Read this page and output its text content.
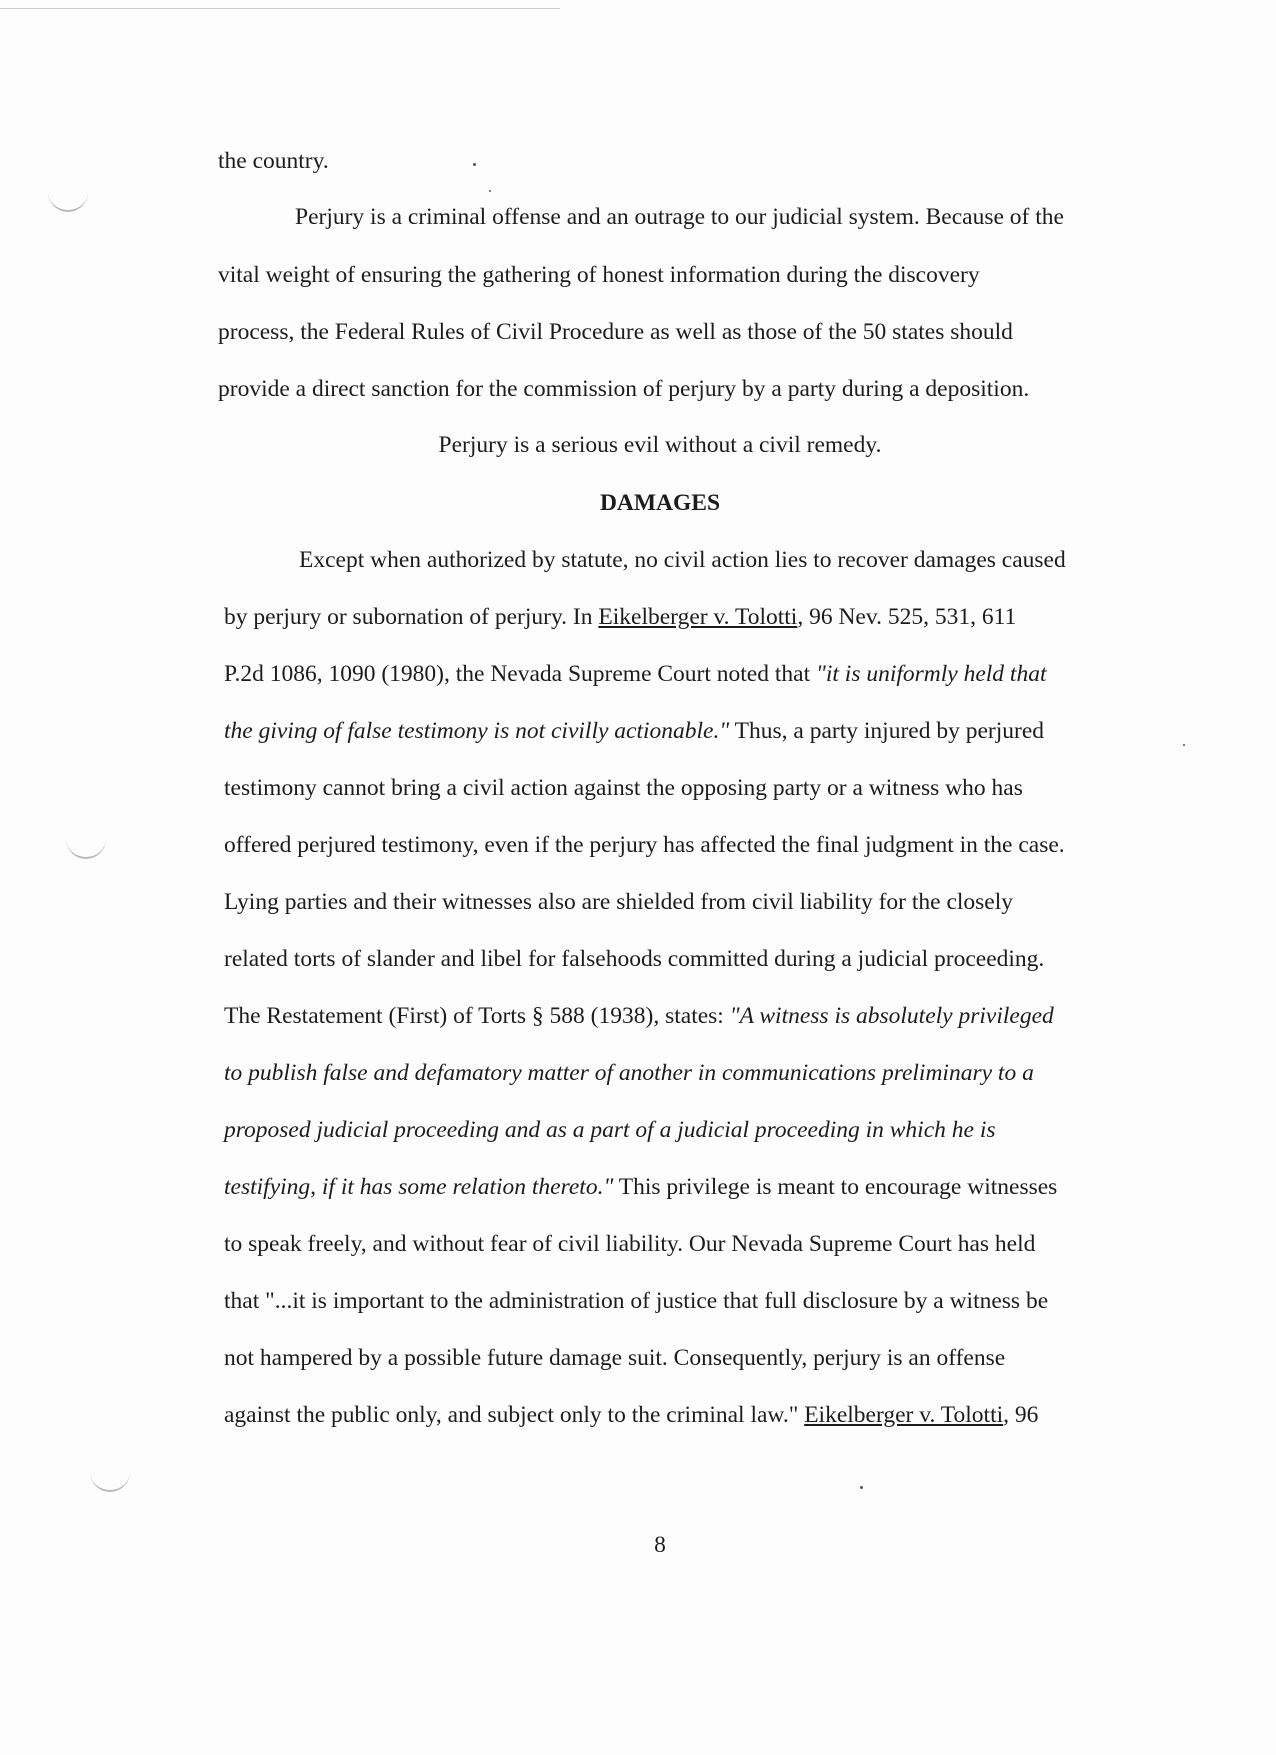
the country.
Perjury is a criminal offense and an outrage to our judicial system. Because of the
vital weight of ensuring the gathering of honest information during the discovery
process, the Federal Rules of Civil Procedure as well as those of the 50 states should
provide a direct sanction for the commission of perjury by a party during a deposition.
Perjury is a serious evil without a civil remedy.
DAMAGES
Except when authorized by statute, no civil action lies to recover damages caused
by perjury or subornation of perjury. In Eikelberger v. Tolotti, 96 Nev. 525, 531, 611
P.2d 1086, 1090 (1980), the Nevada Supreme Court noted that "it is uniformly held that
the giving of false testimony is not civilly actionable." Thus, a party injured by perjured
testimony cannot bring a civil action against the opposing party or a witness who has
offered perjured testimony, even if the perjury has affected the final judgment in the case.
Lying parties and their witnesses also are shielded from civil liability for the closely
related torts of slander and libel for falsehoods committed during a judicial proceeding.
The Restatement (First) of Torts § 588 (1938), states: "A witness is absolutely privileged
to publish false and defamatory matter of another in communications preliminary to a
proposed judicial proceeding and as a part of a judicial proceeding in which he is
testifying, if it has some relation thereto." This privilege is meant to encourage witnesses
to speak freely, and without fear of civil liability. Our Nevada Supreme Court has held
that "...it is important to the administration of justice that full disclosure by a witness be
not hampered by a possible future damage suit. Consequently, perjury is an offense
against the public only, and subject only to the criminal law." Eikelberger v. Tolotti, 96
8
